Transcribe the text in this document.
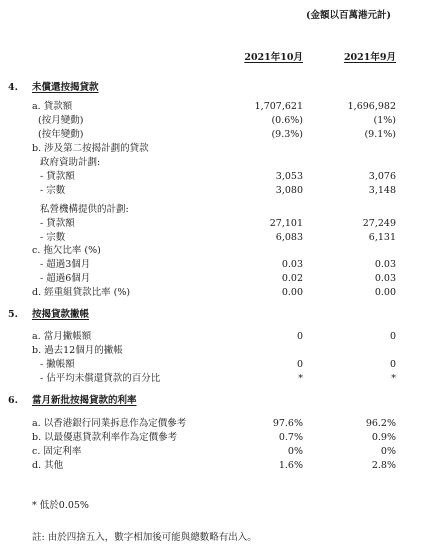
(金額以百萬港元計)
2021年10月	2021年9月
4. 未償還按揭貸款
a. 貸款額	1,707,621	1,696,982
(按月變動)	(0.6%)	(1%)
(按年變動)	(9.3%)	(9.1%)
b. 涉及第二按揭計劃的貸款
政府資助計劃:
- 貸款額	3,053	3,076
- 宗數	3,080	3,148
私營機構提供的計劃:
- 貸款額	27,101	27,249
- 宗數	6,083	6,131
c. 拖欠比率 (%)
- 超過3個月	0.03	0.03
- 超過6個月	0.02	0.03
d. 經重組貸款比率 (%)	0.00	0.00
5. 按揭貸款撇帳
a. 當月撇帳額	0	0
b. 過去12個月的撇帳
- 撇帳額	0	0
- 佔平均未償還貸款的百分比	*	*
6. 當月新批按揭貸款的利率
a. 以香港銀行同業拆息作為定價參考	97.6%	96.2%
b. 以最優惠貸款利率作為定價參考	0.7%	0.9%
c. 固定利率	0%	0%
d. 其他	1.6%	2.8%
* 低於0.05%
註: 由於四捨五入，數字相加後可能與總數略有出入。
